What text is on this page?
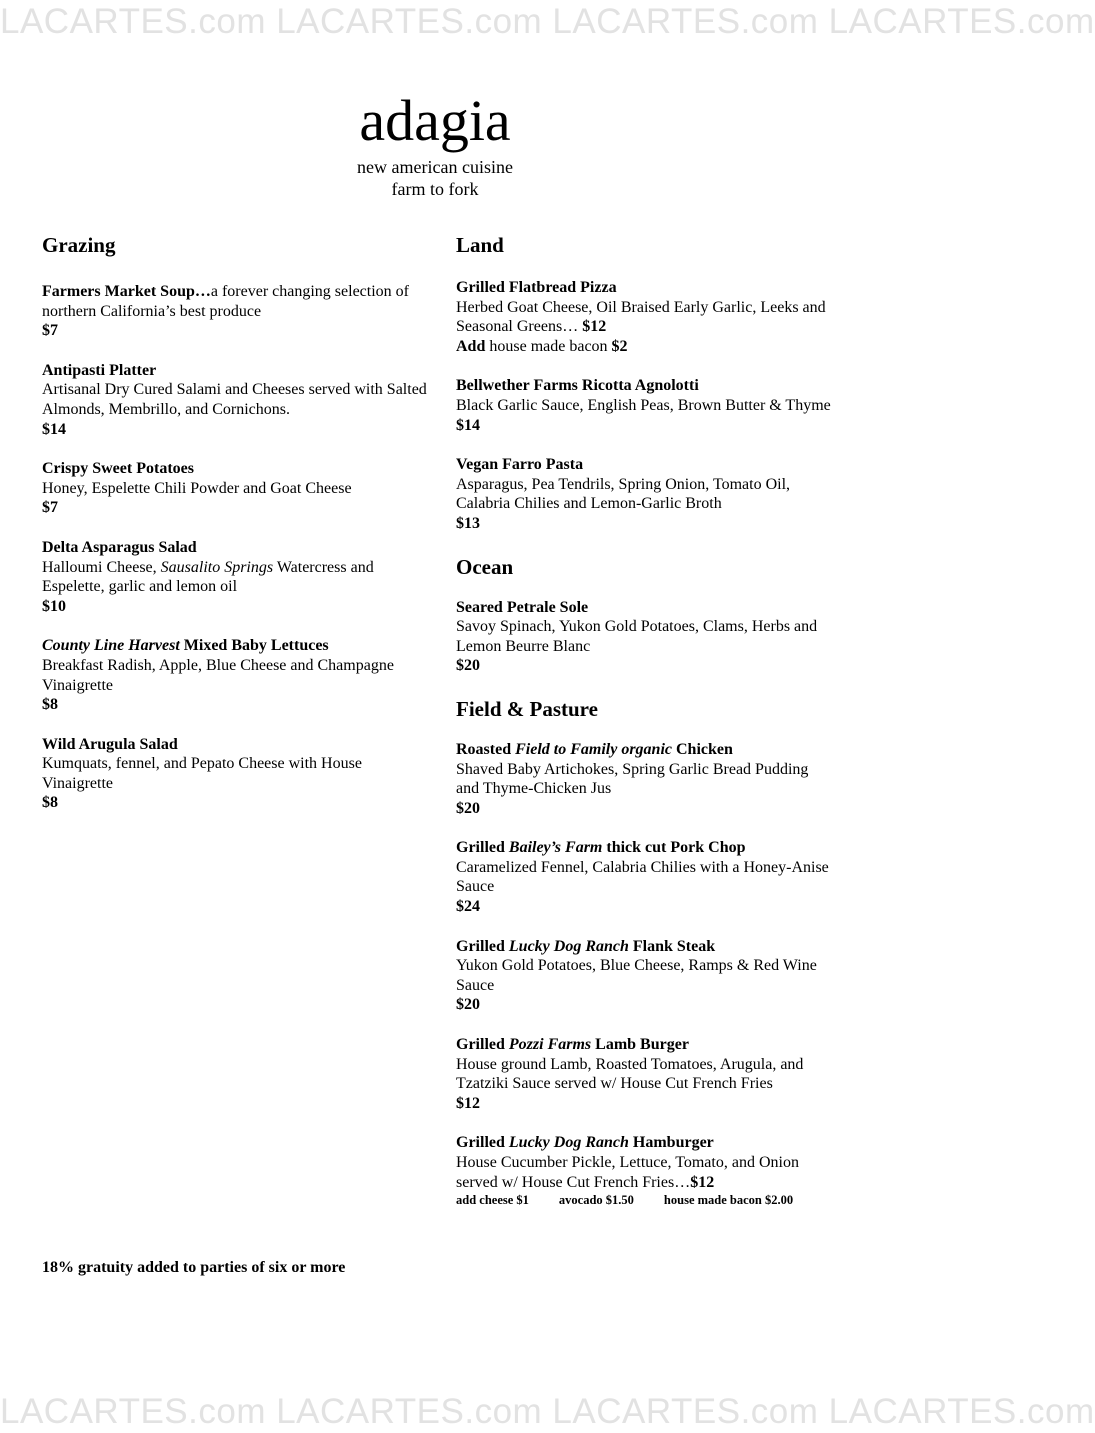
LACARTES.com LACARTES.com LACARTES.com LACARTES.com
adagia
new american cuisine
farm to fork
Grazing
Farmers Market Soup…a forever changing selection of northern California’s best produce
$7
Antipasti Platter
Artisanal Dry Cured Salami and Cheeses served with Salted Almonds, Membrillo, and Cornichons.
$14
Crispy Sweet Potatoes
Honey, Espelette Chili Powder and Goat Cheese
$7
Delta Asparagus Salad
Halloumi Cheese, Sausalito Springs Watercress and Espelette, garlic and lemon oil
$10
County Line Harvest Mixed Baby Lettuces
Breakfast Radish, Apple, Blue Cheese and Champagne Vinaigrette
$8
Wild Arugula Salad
Kumquats, fennel, and Pepato Cheese with House Vinaigrette
$8
Land
Grilled Flatbread Pizza
Herbed Goat Cheese, Oil Braised Early Garlic, Leeks and Seasonal Greens… $12
Add house made bacon $2
Bellwether Farms Ricotta Agnolotti
Black Garlic Sauce, English Peas, Brown Butter & Thyme
$14
Vegan Farro Pasta
Asparagus, Pea Tendrils, Spring Onion, Tomato Oil, Calabria Chilies and Lemon-Garlic Broth
$13
Ocean
Seared Petrale Sole
Savoy Spinach, Yukon Gold Potatoes, Clams, Herbs and Lemon Beurre Blanc
$20
Field & Pasture
Roasted Field to Family organic Chicken
Shaved Baby Artichokes, Spring Garlic Bread Pudding and Thyme-Chicken Jus
$20
Grilled Bailey’s Farm thick cut Pork Chop
Caramelized Fennel, Calabria Chilies with a Honey-Anise Sauce
$24
Grilled Lucky Dog Ranch Flank Steak
Yukon Gold Potatoes, Blue Cheese, Ramps & Red Wine Sauce
$20
Grilled Pozzi Farms Lamb Burger
House ground Lamb, Roasted Tomatoes, Arugula, and Tzatziki Sauce served w/ House Cut French Fries
$12
Grilled Lucky Dog Ranch Hamburger
House Cucumber Pickle, Lettuce, Tomato, and Onion served w/ House Cut French Fries…$12
add cheese $1 avocado $1.50 house made bacon $2.00
18% gratuity added to parties of six or more
LACARTES.com LACARTES.com LACARTES.com LACARTES.com
